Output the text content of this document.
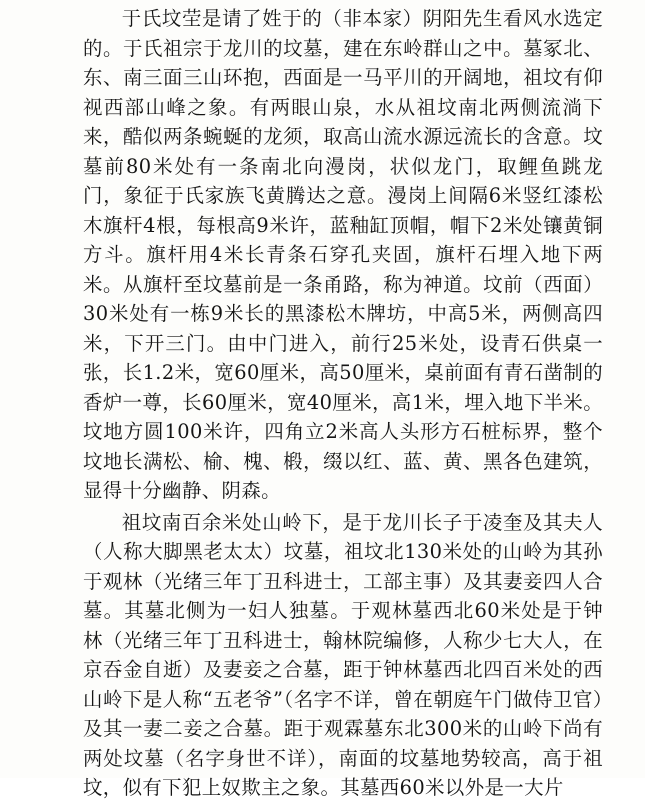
于氏坟茔是请了姓于的（非本家）阴阳先生看风水选定的。于氏祖宗于龙川的坟墓，建在东岭群山之中。墓冢北、东、南三面三山环抱，西面是一马平川的开阔地，祖坟有仰视西部山峰之象。有两眼山泉，水从祖坟南北两侧流淌下来，酷似两条蜿蜒的龙须，取高山流水源远流长的含意。坟墓前80米处有一条南北向漫岗，状似龙门，取鲤鱼跳龙门，象征于氏家族飞黄腾达之意。漫岗上间隔6米竖红漆松木旗杆4根，每根高9米许，蓝釉缸顶帽，帽下2米处镶黄铜方斗。旗杆用4米长青条石穿孔夹固，旗杆石埋入地下两米。从旗杆至坟墓前是一条甬路，称为神道。坟前（西面）30米处有一栋9米长的黑漆松木牌坊，中高5米，两侧高四米，下开三门。由中门进入，前行25米处，设青石供桌一张，长1.2米，宽60厘米，高50厘米，桌前面有青石凿制的香炉一尊，长60厘米，宽40厘米，高1米，埋入地下半米。坟地方圆100米许，四角立2米高人头形方石桩标界，整个坟地长满松、榆、槐、椴，缀以红、蓝、黄、黑各色建筑，显得十分幽静、阴森。

祖坟南百余米处山岭下，是于龙川长子于凌奎及其夫人（人称大脚黑老太太）坟墓，祖坟北130米处的山岭为其孙于观林（光绪三年丁丑科进士，工部主事）及其妻妾四人合墓。其墓北侧为一妇人独墓。于观林墓西北60米处是于钟林（光绪三年丁丑科进士，翰林院编修，人称少七大人，在京吞金自逝）及妻妾之合墓，距于钟林墓西北四百米处的西山岭下是人称“五老爷”（名字不详，曾在朝庭午门做侍卫官）及其一妻二妾之合墓。距于观霖墓东北300米的山岭下尚有两处坟墓（名字身世不详），南面的坟墓地势较高，高于祖坟，似有下犯上奴欺主之象。其墓西60米以外是一大片
